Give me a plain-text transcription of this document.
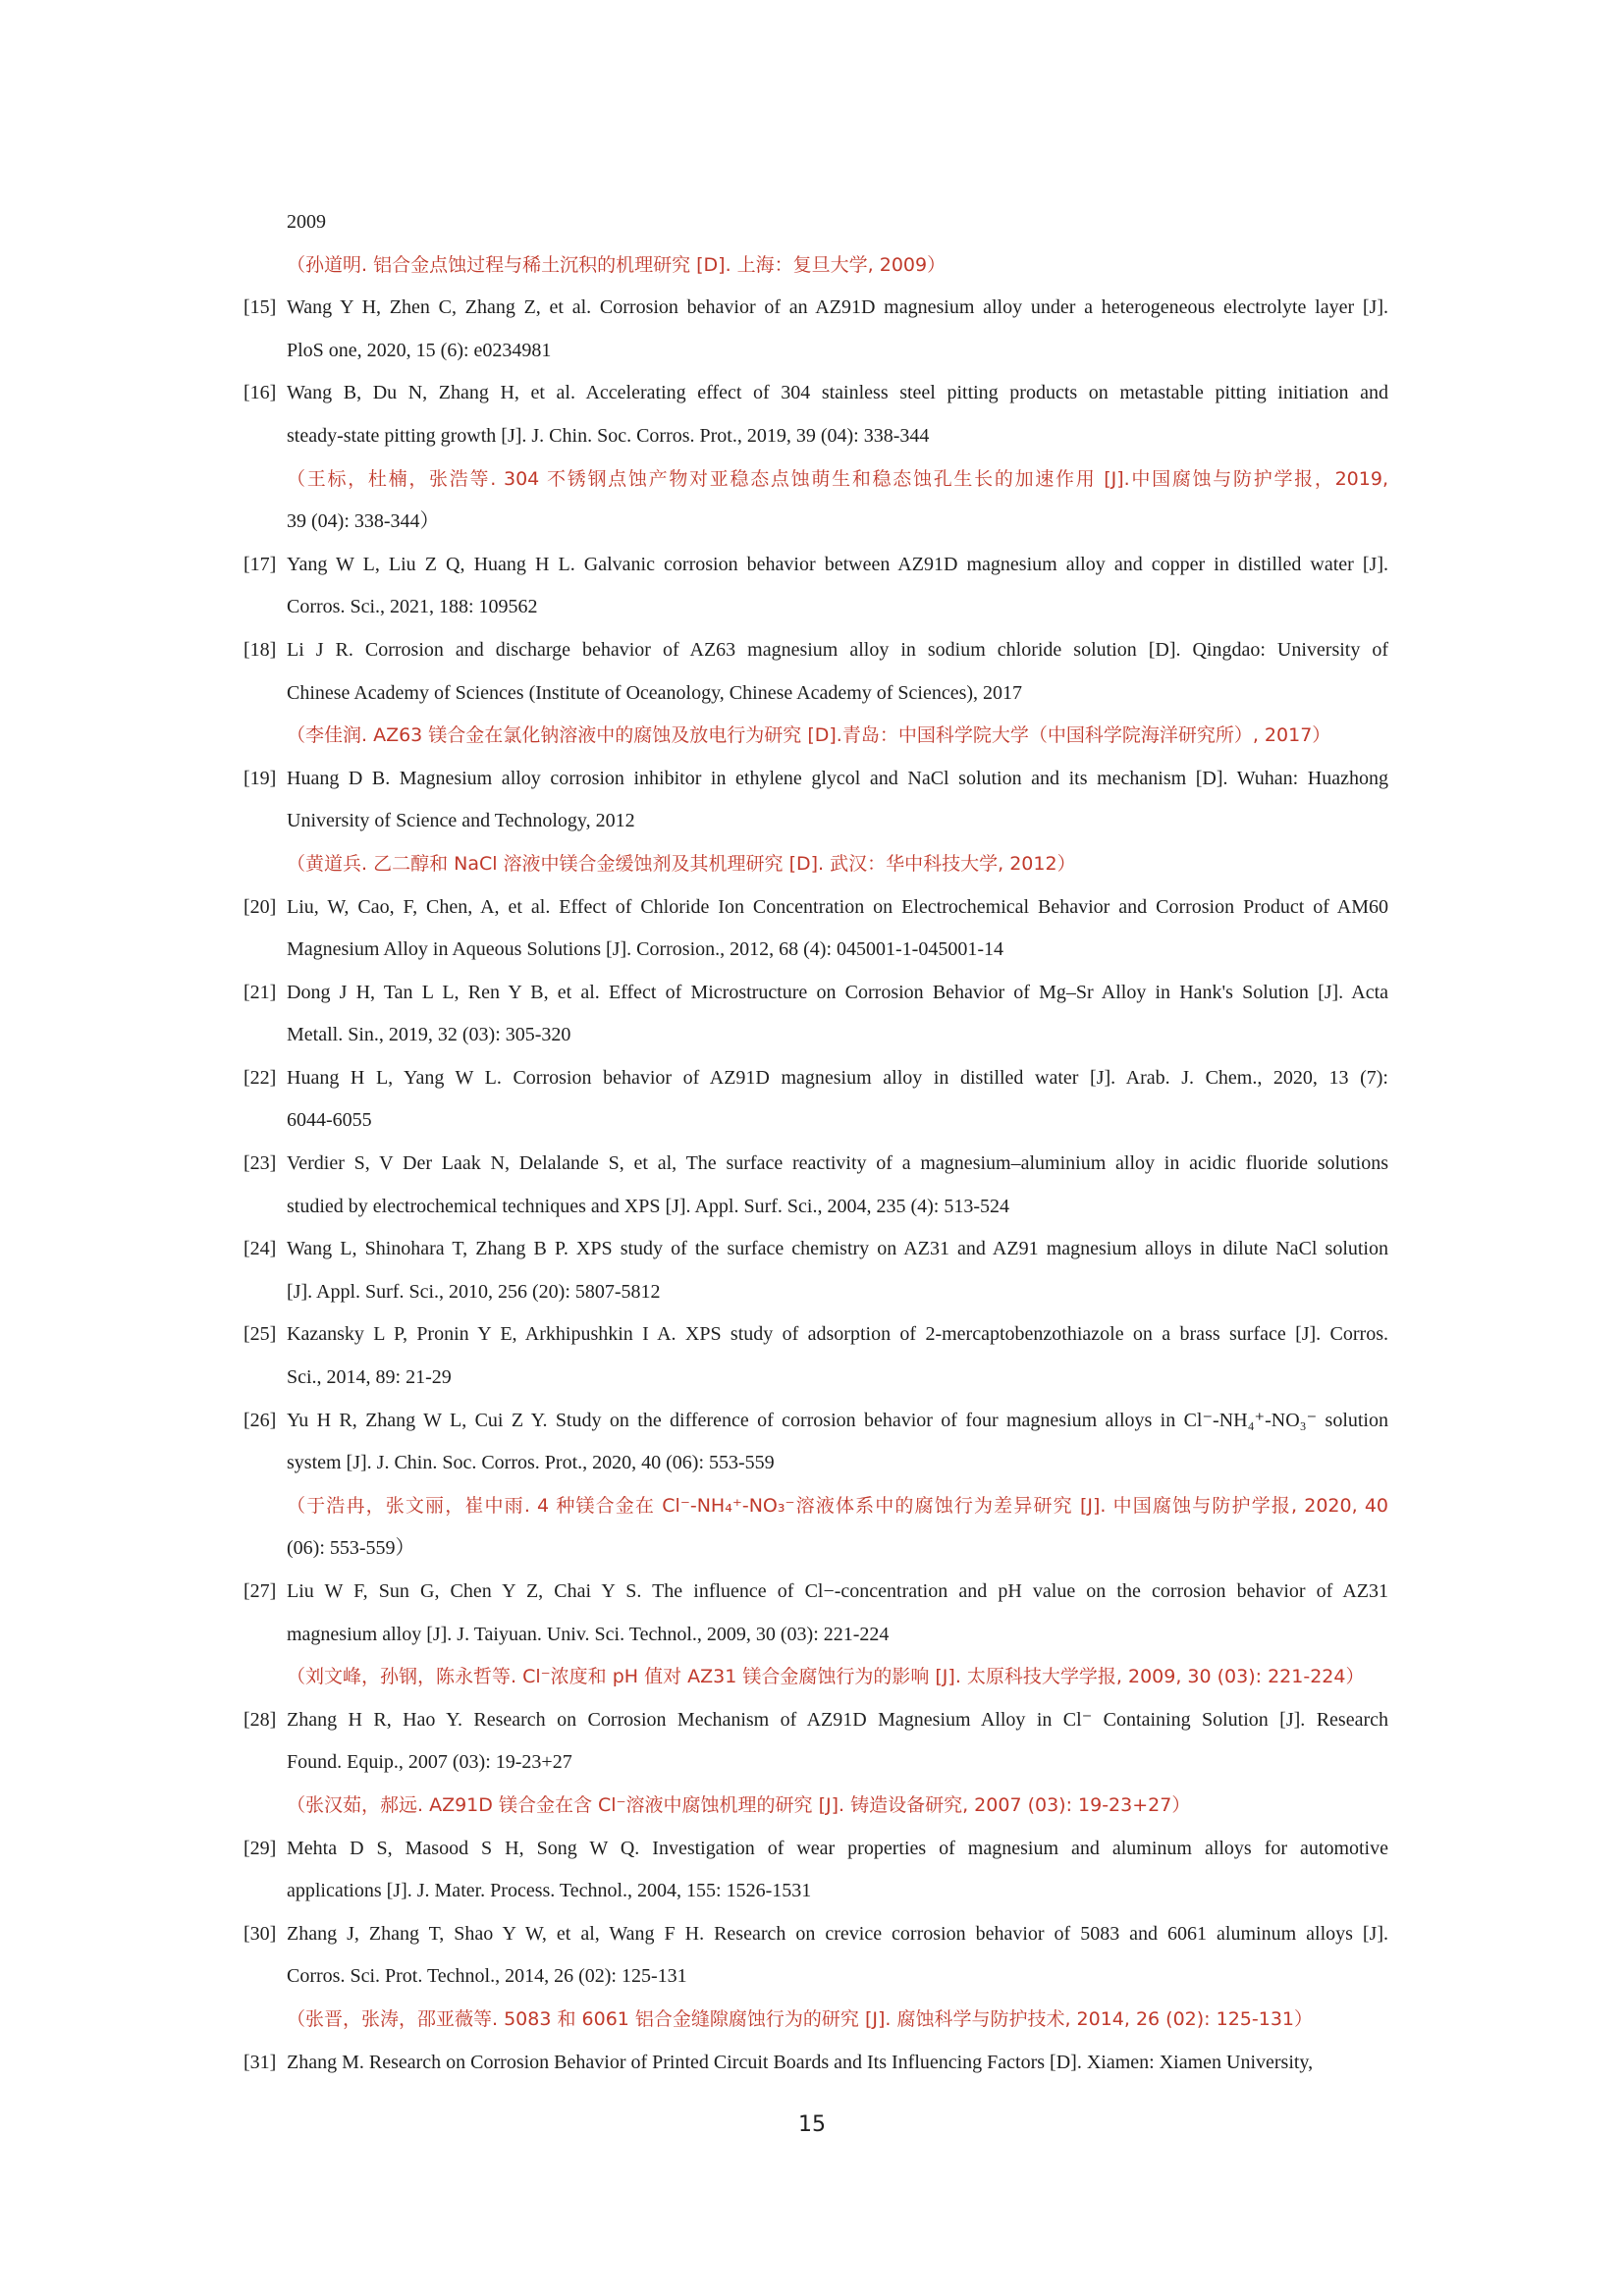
2009
（孙道明. 铝合金点蚀过程与稀土沉积的机理研究 [D]. 上海：复旦大学, 2009）
[15] Wang Y H, Zhen C, Zhang Z, et al. Corrosion behavior of an AZ91D magnesium alloy under a heterogeneous electrolyte layer [J].
PloS one, 2020, 15 (6): e0234981
[16] Wang B, Du N, Zhang H, et al. Accelerating effect of 304 stainless steel pitting products on metastable pitting initiation and
steady-state pitting growth [J]. J. Chin. Soc. Corros. Prot., 2019, 39 (04): 338-344
（王标，杜楠，张浩等. 304 不锈钢点蚀产物对亚稳态点蚀萌生和稳态蚀孔生长的加速作用 [J].中国腐蚀与防护学报，2019,
39 (04): 338-344）
[17] Yang W L, Liu Z Q, Huang H L. Galvanic corrosion behavior between AZ91D magnesium alloy and copper in distilled water [J].
Corros. Sci., 2021, 188: 109562
[18] Li J R. Corrosion and discharge behavior of AZ63 magnesium alloy in sodium chloride solution [D]. Qingdao: University of
Chinese Academy of Sciences (Institute of Oceanology, Chinese Academy of Sciences), 2017
（李佳润. AZ63 镁合金在氯化钠溶液中的腐蚀及放电行为研究 [D].青岛：中国科学院大学（中国科学院海洋研究所）, 2017）
[19] Huang D B. Magnesium alloy corrosion inhibitor in ethylene glycol and NaCl solution and its mechanism [D]. Wuhan: Huazhong
University of Science and Technology, 2012
（黄道兵. 乙二醇和 NaCl 溶液中镁合金缓蚀剂及其机理研究 [D]. 武汉：华中科技大学, 2012）
[20] Liu, W, Cao, F, Chen, A, et al. Effect of Chloride Ion Concentration on Electrochemical Behavior and Corrosion Product of AM60
Magnesium Alloy in Aqueous Solutions [J]. Corrosion., 2012, 68 (4): 045001-1-045001-14
[21] Dong J H, Tan L L, Ren Y B, et al. Effect of Microstructure on Corrosion Behavior of Mg–Sr Alloy in Hank's Solution [J]. Acta
Metall. Sin., 2019, 32 (03): 305-320
[22] Huang H L, Yang W L. Corrosion behavior of AZ91D magnesium alloy in distilled water [J]. Arab. J. Chem., 2020, 13 (7):
6044-6055
[23] Verdier S, V Der Laak N, Delalande S, et al, The surface reactivity of a magnesium–aluminium alloy in acidic fluoride solutions
studied by electrochemical techniques and XPS [J]. Appl. Surf. Sci., 2004, 235 (4): 513-524
[24] Wang L, Shinohara T, Zhang B P. XPS study of the surface chemistry on AZ31 and AZ91 magnesium alloys in dilute NaCl solution
[J]. Appl. Surf. Sci., 2010, 256 (20): 5807-5812
[25] Kazansky L P, Pronin Y E, Arkhipushkin I A. XPS study of adsorption of 2-mercaptobenzothiazole on a brass surface [J]. Corros.
Sci., 2014, 89: 21-29
[26] Yu H R, Zhang W L, Cui Z Y. Study on the difference of corrosion behavior of four magnesium alloys in Cl⁻-NH₄⁺-NO₃⁻ solution
system [J]. J. Chin. Soc. Corros. Prot., 2020, 40 (06): 553-559
（于浩冉，张文丽，崔中雨. 4 种镁合金在 Cl⁻-NH₄⁺-NO₃⁻溶液体系中的腐蚀行为差异研究 [J]. 中国腐蚀与防护学报, 2020, 40
(06): 553-559）
[27] Liu W F, Sun G, Chen Y Z, Chai Y S. The influence of Cl−-concentration and pH value on the corrosion behavior of AZ31
magnesium alloy [J]. J. Taiyuan. Univ. Sci. Technol., 2009, 30 (03): 221-224
（刘文峰，孙钢，陈永哲等. Cl⁻浓度和 pH 值对 AZ31 镁合金腐蚀行为的影响 [J]. 太原科技大学学报, 2009, 30 (03): 221-224）
[28] Zhang H R, Hao Y. Research on Corrosion Mechanism of AZ91D Magnesium Alloy in Cl⁻ Containing Solution [J]. Research
Found. Equip., 2007 (03): 19-23+27
（张汉茹，郝远. AZ91D 镁合金在含 Cl⁻溶液中腐蚀机理的研究 [J]. 铸造设备研究, 2007 (03): 19-23+27）
[29] Mehta D S, Masood S H, Song W Q. Investigation of wear properties of magnesium and aluminum alloys for automotive
applications [J]. J. Mater. Process. Technol., 2004, 155: 1526-1531
[30] Zhang J, Zhang T, Shao Y W, et al, Wang F H. Research on crevice corrosion behavior of 5083 and 6061 aluminum alloys [J].
Corros. Sci. Prot. Technol., 2014, 26 (02): 125-131
（张晋，张涛，邵亚薇等. 5083 和 6061 铝合金缝隙腐蚀行为的研究 [J]. 腐蚀科学与防护技术, 2014, 26 (02): 125-131）
[31] Zhang M. Research on Corrosion Behavior of Printed Circuit Boards and Its Influencing Factors [D]. Xiamen: Xiamen University,
15
